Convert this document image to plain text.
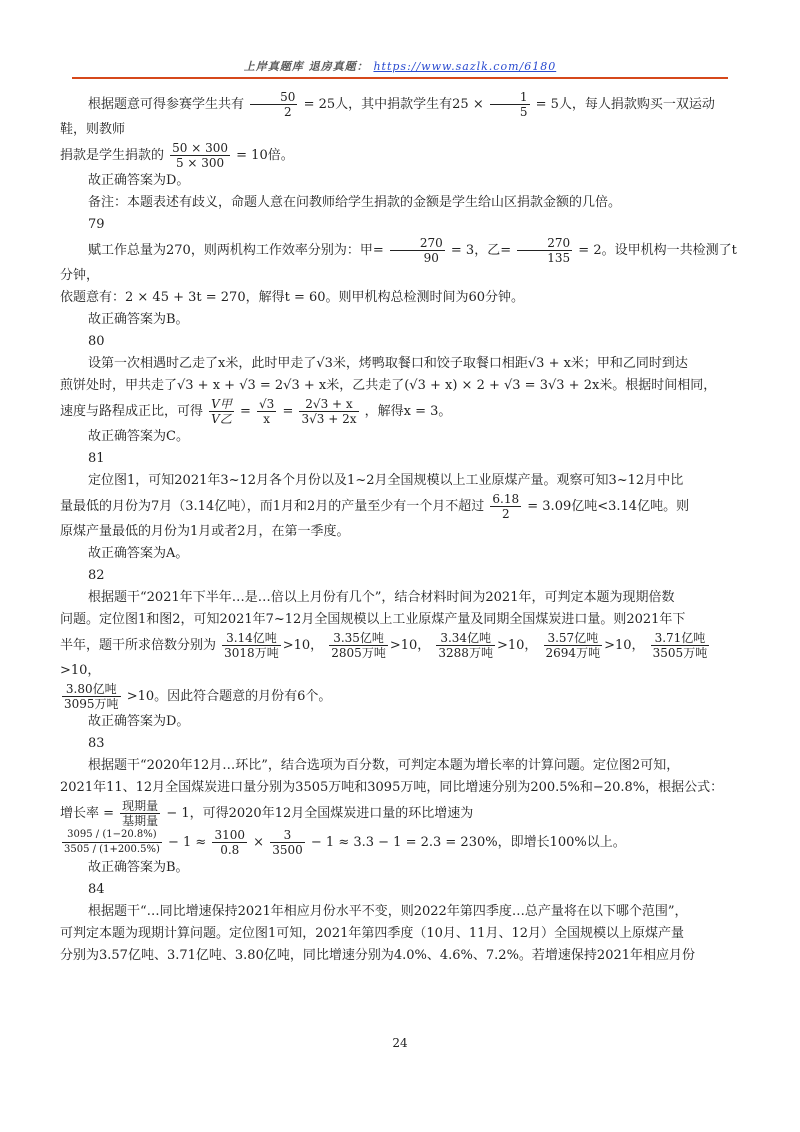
上岸真题库 退房真题： https://www.sazlk.com/6180

根据题意可得参赛学生共有 $\frac{50}{2} = 25$人，其中捐款学生有$25 \times \frac{1}{5} = 5$人，每人捐款购买一双运动鞋，则教师

捐款是学生捐款的 $\frac{50 \times 300}{5 \times 300} = 10$倍。

故正确答案为D。

备注：本题表述有歧义，命题人意在问教师给学生捐款的金额是学生给山区捐款金额的几倍。

79

赋工作总量为270，则两机构工作效率分别为：甲= $\frac{270}{90} = 3$，乙= $\frac{270}{135} = 2$。设甲机构一共检测了t分钟，

依题意有：2 × 45 + 3t = 270，解得t = 60。则甲机构总检测时间为60分钟。

故正确答案为B。

80

设第一次相遇时乙走了x米，此时甲走了√3米，烤鸭取餐口和饺子取餐口相距√3 + x米；甲和乙同时到达

煎饼处时，甲共走了√3 + x + √3 = 2√3 + x米，乙共走了(√3 + x) × 2 + √3 = 3√3 + 2x米。根据时间相同，

速度与路程成正比，可得 $\frac{\text{V甲}}{\text{V乙}} = \frac{√3}{x} = \frac{2√3 + x}{3√3 + 2x}$ ，解得x = 3。

故正确答案为C。

81

定位图1，可知2021年3~12月各个月份以及1~2月全国规模以上工业原煤产量。观察可知3~12月中比

量最低的月份为7月（3.14亿吨），而1月和2月的产量至少有一个月不超过 $\frac{6.18}{2} = 3.09$亿吨<3.14亿吨。则

原煤产量最低的月份为1月或者2月，在第一季度。

故正确答案为A。

82

根据题干“2021年下半年…是…倍以上月份有几个”，结合材料时间为2021年，可判定本题为现期倍数

问题。定位图1和图2，可知2021年7~12月全国规模以上工业原煤产量及同期全国煤炭进口量。则2021年下

半年，题干所求倍数分别为 $\frac{\text{3.14亿吨}}{\text{3018万吨}} >10$， $\frac{\text{3.35亿吨}}{\text{2805万吨}} >10$， $\frac{\text{3.34亿吨}}{\text{3288万吨}} >10$， $\frac{\text{3.57亿吨}}{\text{2694万吨}} >10$， $\frac{\text{3.71亿吨}}{\text{3505万吨}}$
>10，

$\frac{\text{3.80亿吨}}{\text{3095万吨}} >10$。因此符合题意的月份有6个。

故正确答案为D。

83

根据题干“2020年12月…环比”，结合选项为百分数，可判定本题为增长率的计算问题。定位图2可知，

2021年11、12月全国煤炭进口量分别为3505万吨和3095万吨，同比增速分别为200.5%和−20.8%，根据公式：

增长率 = $\frac{\text{现期量}}{\text{基期量}} - 1$，可得2020年12月全国煤炭进口量的环比增速为

$\frac{3095 / (1-20.8\%)}{3505 / (1+200.5\%)} - 1 \approx \frac{3100}{0.8} \times \frac{3}{3500} - 1 \approx 3.3 - 1 = 2.3 = 230\%$，即增长100%以上。

故正确答案为B。

84

根据题干“…同比增速保持2021年相应月份水平不变，则2022年第四季度…总产量将在以下哪个范围”，

可判定本题为现期计算问题。定位图1可知，2021年第四季度（10月、11月、12月）全国规模以上原煤产量

分别为3.57亿吨、3.71亿吨、3.80亿吨，同比增速分别为4.0%、4.6%、7.2%。若增速保持2021年相应月份

24
